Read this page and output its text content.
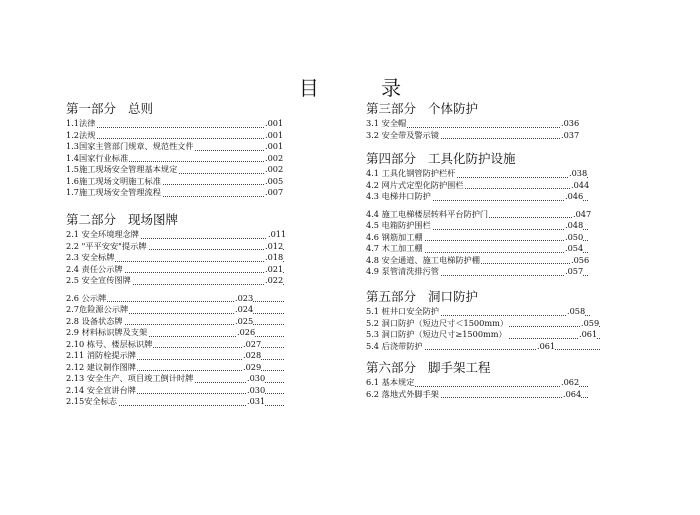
目 录
第一部分 总则
1.1法律	.001
1.2法规	.001
1.3国家主管部门规章、规范性文件	.001
1.4国家行业标准	.002
1.5施工现场安全管理基本规定	.002
1.6施工现场文明施工标准	.005
1.7施工现场安全管理流程	.007
第二部分 现场图牌
2.1 安全环境理念牌	.011
2.2 "平平安安"提示牌	.012
2.3 安全标牌	.018
2.4 责任公示牌	.021
2.5 安全宣传图牌	.022
2.6 公示牌	.023
2.7危险源公示牌	.024
2.8 设备状态牌	.025
2.9 材料标识牌及支架	.026
2.10 栋号、楼层标识牌	.027
2.11 消防栓提示牌	.028
2.12 建议制作图牌	.029
2.13 安全生产、项目竣工倒计时牌	.030
2.14 安全宣讲台牌	.030
2.15安全标志	.031
第三部分 个体防护
3.1 安全帽	.036
3.2 安全带及警示镜	.037
第四部分 工具化防护设施
4.1 工具化钢管防护栏杆	.038
4.2 网片式定型化防护围栏	.044
4.3 电梯井口防护	.046
4.4 施工电梯楼层转料平台防护门	.047
4.5 电箱防护围栏	.048
4.6 钢筋加工棚	.050
4.7 木工加工棚	.054
4.8 安全通道、施工电梯防护棚	.056
4.9 泵管清洗排污管	.057
第五部分 洞口防护
5.1 桩井口安全防护	.058
5.2 洞口防护（短边尺寸＜1500mm）	.059
5.3 洞口防护（短边尺寸≥1500mm）	.061
5.4 后浇带防护	.061
第六部分 脚手架工程
6.1 基本规定	.062
6.2 落地式外脚手架	.064
